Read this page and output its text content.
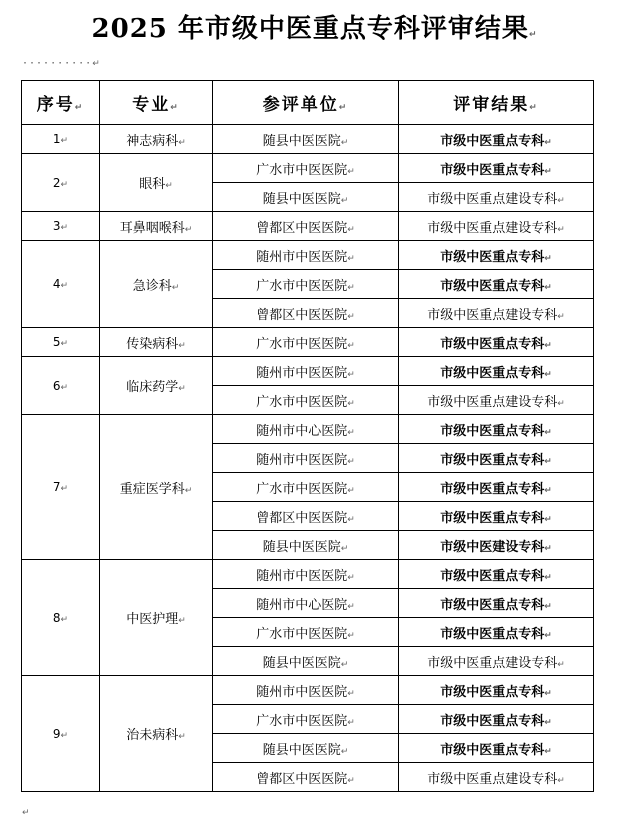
2025 年市级中医重点专科评审结果↵
··········↵
序号↵	专业↵	参评单位↵	评审结果↵
1↵	神志病科↵	随县中医医院↵	市级中医重点专科↵
2↵	眼科↵	广水市中医医院↵	市级中医重点专科↵
		随县中医医院↵	市级中医重点建设专科↵
3↵	耳鼻咽喉科↵	曾都区中医医院↵	市级中医重点建设专科↵
4↵	急诊科↵	随州市中医医院↵	市级中医重点专科↵
		广水市中医医院↵	市级中医重点专科↵
		曾都区中医医院↵	市级中医重点建设专科↵
5↵	传染病科↵	广水市中医医院↵	市级中医重点专科↵
6↵	临床药学↵	随州市中医医院↵	市级中医重点专科↵
		广水市中医医院↵	市级中医重点建设专科↵
7↵	重症医学科↵	随州市中心医院↵	市级中医重点专科↵
		随州市中医医院↵	市级中医重点专科↵
		广水市中医医院↵	市级中医重点专科↵
		曾都区中医医院↵	市级中医重点专科↵
		随县中医医院↵	市级中医建设专科↵
8↵	中医护理↵	随州市中医医院↵	市级中医重点专科↵
		随州市中心医院↵	市级中医重点专科↵
		广水市中医医院↵	市级中医重点专科↵
		随县中医医院↵	市级中医重点建设专科↵
9↵	治未病科↵	随州市中医医院↵	市级中医重点专科↵
		广水市中医医院↵	市级中医重点专科↵
		随县中医医院↵	市级中医重点专科↵
		曾都区中医医院↵	市级中医重点建设专科↵
↵
